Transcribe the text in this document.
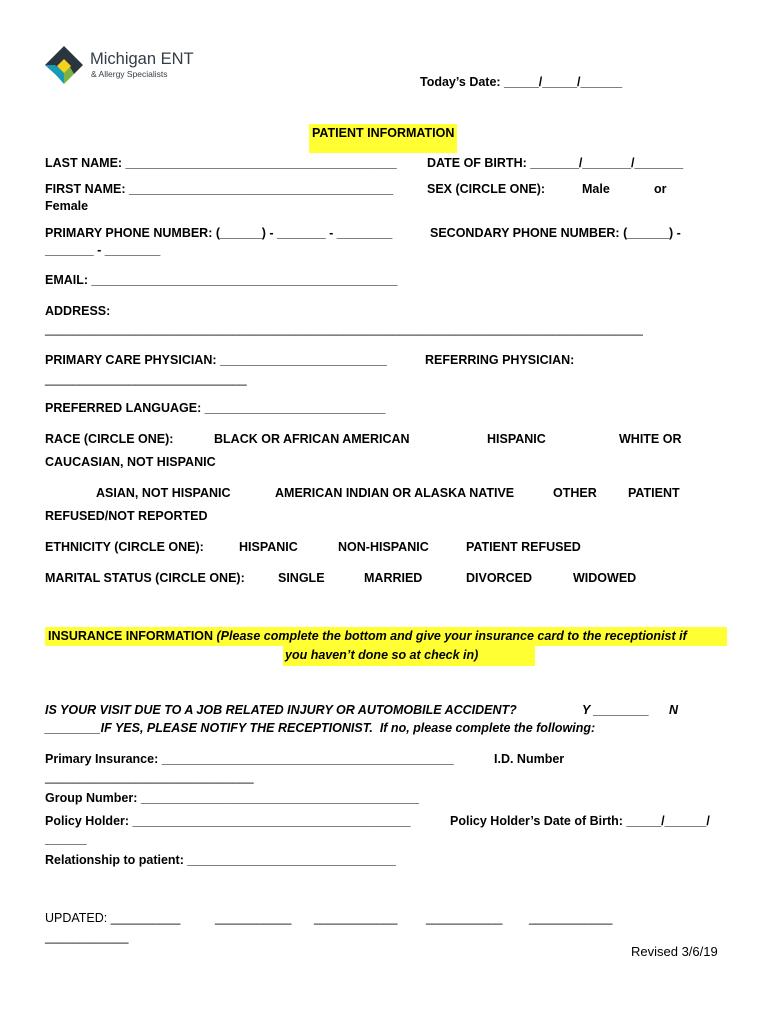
Michigan ENT
& Allergy Specialists
Today’s Date: _____/_____/______
PATIENT INFORMATION
LAST NAME: _______________________________________ DATE OF BIRTH: _______/_______/_______
FIRST NAME: ______________________________________	SEX (CIRCLE ONE):	Male	or
Female
PRIMARY PHONE NUMBER: (______) - _______ - ________	SECONDARY PHONE NUMBER: (______) -
_______ - ________
EMAIL: ____________________________________________
ADDRESS:
______________________________________________________________________________________
PRIMARY CARE PHYSICIAN: ________________________	REFERRING PHYSICIAN:
_____________________________
PREFERRED LANGUAGE: __________________________
RACE (CIRCLE ONE):	BLACK OR AFRICAN AMERICAN	HISPANIC	WHITE OR
CAUCASIAN, NOT HISPANIC
ASIAN, NOT HISPANIC	AMERICAN INDIAN OR ALASKA NATIVE	OTHER	PATIENT
REFUSED/NOT REPORTED
ETHNICITY (CIRCLE ONE):	HISPANIC	NON-HISPANIC	PATIENT REFUSED
MARITAL STATUS (CIRCLE ONE):	SINGLE	MARRIED	DIVORCED	WIDOWED
INSURANCE INFORMATION (Please complete the bottom and give your insurance card to the receptionist if
you haven’t done so at check in)
IS YOUR VISIT DUE TO A JOB RELATED INJURY OR AUTOMOBILE ACCIDENT?	Y ________ N
________IF YES, PLEASE NOTIFY THE RECEPTIONIST.  If no, please complete the following:
Primary Insurance: __________________________________________	I.D. Number
______________________________
Group Number: ________________________________________
Policy Holder: ________________________________________	Policy Holder’s Date of Birth: _____/______/
______
Relationship to patient: ______________________________
UPDATED: __________	___________ ____________ ___________ ____________
____________
Revised 3/6/19
